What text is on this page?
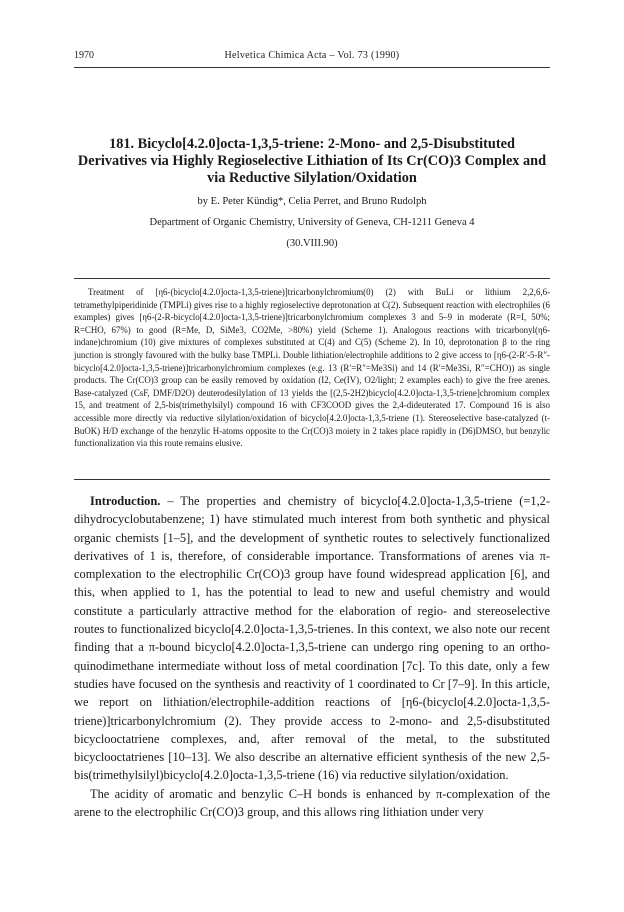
1970	Helvetica Chimica Acta – Vol. 73 (1990)
181. Bicyclo[4.2.0]octa-1,3,5-triene: 2-Mono- and 2,5-Disubstituted
Derivatives via Highly Regioselective Lithiation of Its Cr(CO)3 Complex and
via Reductive Silylation/Oxidation
by E. Peter Kündig*, Celia Perret, and Bruno Rudolph
Department of Organic Chemistry, University of Geneva, CH-1211 Geneva 4
(30.VIII.90)
Treatment of [η6-(bicyclo[4.2.0]octa-1,3,5-triene)]tricarbonylchromium(0) (2) with BuLi or lithium 2,2,6,6-tetramethylpiperidinide (TMPLi) gives rise to a highly regioselective deprotonation at C(2). Subsequent reaction with electrophiles (6 examples) gives [η6-(2-R-bicyclo[4.2.0]octa-1,3,5-triene)]tricarbonylchromium complexes 3 and 5–9 in moderate (R=I, 50%; R=CHO, 67%) to good (R=Me, D, SiMe3, CO2Me, >80%) yield (Scheme 1). Analogous reactions with tricarbonyl(η6-indane)chromium (10) give mixtures of complexes substituted at C(4) and C(5) (Scheme 2). In 10, deprotonation β to the ring junction is strongly favoured with the bulky base TMPLi. Double lithiation/electrophile additions to 2 give access to [η6-(2-R′-5-R″-bicyclo[4.2.0]octa-1,3,5-triene)]tricarbonylchromium complexes (e.g. 13 (R′=R″=Me3Si) and 14 (R′=Me3Si, R″=CHO)) as single products. The Cr(CO)3 group can be easily removed by oxidation (I2, Ce(IV), O2/light; 2 examples each) to give the free arenes. Base-catalyzed (CsF, DMF/D2O) deuterodesilylation of 13 yields the [(2,5-2H2)bicyclo[4.2.0]octa-1,3,5-triene]chromium complex 15, and treatment of 2,5-bis(trimethylsilyl) compound 16 with CF3COOD gives the 2,4-dideuterated 17. Compound 16 is also accessible more directly via reductive silylation/oxidation of bicyclo[4.2.0]octa-1,3,5-triene (1). Stereoselective base-catalyzed (t-BuOK) H/D exchange of the benzylic H-atoms opposite to the Cr(CO)3 moiety in 2 takes place rapidly in (D6)DMSO, but benzylic functionalization via this route remains elusive.

Introduction. – The properties and chemistry of bicyclo[4.2.0]octa-1,3,5-triene (=1,2-dihydrocyclobutabenzene; 1) have stimulated much interest from both synthetic and physical organic chemists [1–5], and the development of synthetic routes to selectively functionalized derivatives of 1 is, therefore, of considerable importance. Transformations of arenes via π-complexation to the electrophilic Cr(CO)3 group have found widespread application [6], and this, when applied to 1, has the potential to lead to new and useful chemistry and would constitute a particularly attractive method for the elaboration of regio- and stereoselective routes to functionalized bicyclo[4.2.0]octa-1,3,5-trienes. In this context, we also note our recent finding that a π-bound bicyclo[4.2.0]octa-1,3,5-triene can undergo ring opening to an ortho-quinodimethane intermediate without loss of metal coordination [7c]. To this date, only a few studies have focused on the synthesis and reactivity of 1 coordinated to Cr [7–9]. In this article, we report on lithiation/electrophile-addition reactions of [η6-(bicyclo[4.2.0]octa-1,3,5-triene)]tricarbonylchromium (2). They provide access to 2-mono- and 2,5-disubstituted bicyclooctatriene complexes, and, after removal of the metal, to the substituted bicyclooctatrienes [10–13]. We also describe an alternative efficient synthesis of the new 2,5-bis(trimethylsilyl)bicyclo[4.2.0]octa-1,3,5-triene (16) via reductive silylation/oxidation.

The acidity of aromatic and benzylic C–H bonds is enhanced by π-complexation of the arene to the electrophilic Cr(CO)3 group, and this allows ring lithiation under very
